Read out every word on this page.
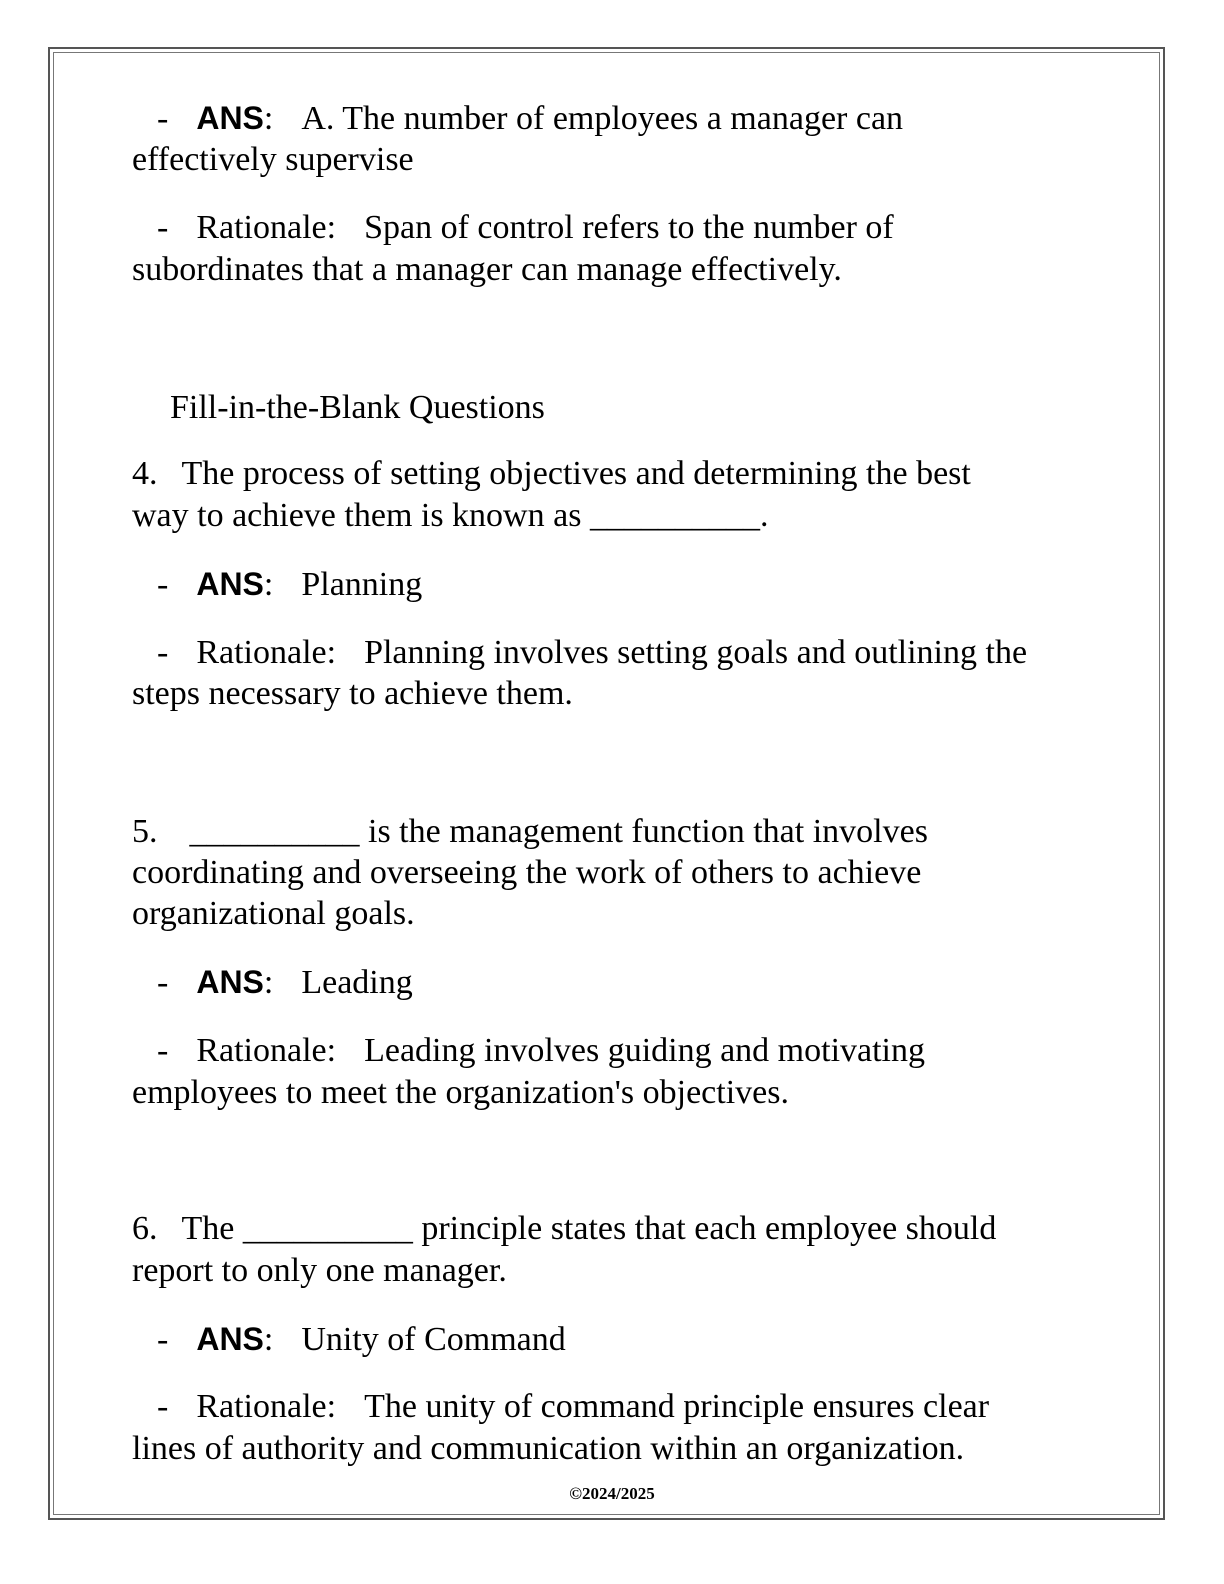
- ANS: A. The number of employees a manager can
effectively supervise
- Rationale: Span of control refers to the number of
subordinates that a manager can manage effectively.
Fill-in-the-Blank Questions
4. The process of setting objectives and determining the best
way to achieve them is known as __________.
- ANS: Planning
- Rationale: Planning involves setting goals and outlining the
steps necessary to achieve them.
5. __________ is the management function that involves
coordinating and overseeing the work of others to achieve
organizational goals.
- ANS: Leading
- Rationale: Leading involves guiding and motivating
employees to meet the organization's objectives.
6. The __________ principle states that each employee should
report to only one manager.
- ANS: Unity of Command
- Rationale: The unity of command principle ensures clear
lines of authority and communication within an organization.
©2024/2025
